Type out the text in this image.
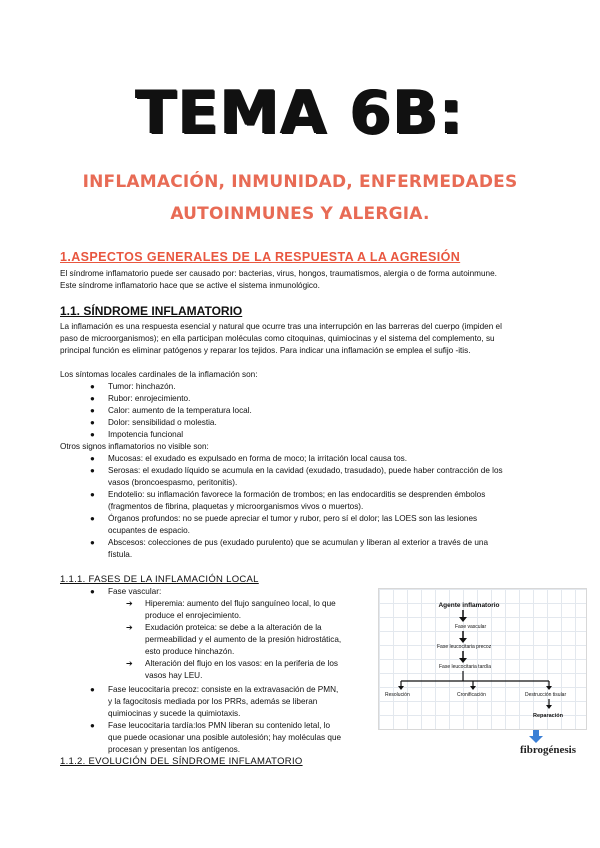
TEMA 6B:
INFLAMACIÓN, INMUNIDAD, ENFERMEDADES
AUTOINMUNES Y ALERGIA.
1.ASPECTOS GENERALES DE LA RESPUESTA A LA AGRESIÓN
El síndrome inflamatorio puede ser causado por: bacterias, virus, hongos, traumatismos, alergia o de forma autoinmune.
Este síndrome inflamatorio hace que se active el sistema inmunológico.
1.1. SÍNDROME INFLAMATORIO
La inflamación es una respuesta esencial y natural que ocurre tras una interrupción en las barreras del cuerpo (impiden el
paso de microorganismos); en ella participan moléculas como citoquinas, quimiocinas y el sistema del complemento, su
principal función es eliminar patógenos y reparar los tejidos. Para indicar una inflamación se emplea el sufijo -itis.
Los síntomas locales cardinales de la inflamación son:
● Tumor: hinchazón.
● Rubor: enrojecimiento.
● Calor: aumento de la temperatura local.
● Dolor: sensibilidad o molestia.
● Impotencia funcional
Otros signos inflamatorios no visible son:
● Mucosas: el exudado es expulsado en forma de moco; la irritación local causa tos.
● Serosas: el exudado líquido se acumula en la cavidad (exudado, trasudado), puede haber contracción de los
vasos (broncoespasmo, peritonitis).
● Endotelio: su inflamación favorece la formación de trombos; en las endocarditis se desprenden émbolos
(fragmentos de fibrina, plaquetas y microorganismos vivos o muertos).
● Órganos profundos: no se puede apreciar el tumor y rubor, pero sí el dolor; las LOES son las lesiones
ocupantes de espacio.
● Abscesos: colecciones de pus (exudado purulento) que se acumulan y liberan al exterior a través de una
fístula.
1.1.1. FASES DE LA INFLAMACIÓN LOCAL
● Fase vascular:
➔ Hiperemia: aumento del flujo sanguíneo local, lo que
produce el enrojecimiento.
➔ Exudación proteica: se debe a la alteración de la
permeabilidad y el aumento de la presión hidrostática,
esto produce hinchazón.
➔ Alteración del flujo en los vasos: en la periferia de los
vasos hay LEU.
● Fase leucocitaria precoz: consiste en la extravasación de PMN,
y la fagocitosis mediada por los PRRs, además se liberan
quimiocinas y sucede la quimiotaxis.
● Fase leucocitaria tardía:los PMN liberan su contenido letal, lo
que puede ocasionar una posible autolesión; hay moléculas que
procesan y presentan los antígenos.
1.1.2. EVOLUCIÓN DEL SÍNDROME INFLAMATORIO
Agente inflamatorio
Fase vascular
Fase leucocitaria precoz
Fase leucocitaria tardía
Resolución	Cronificación	Destrucción tisular
Reparación
fibrogénesis
